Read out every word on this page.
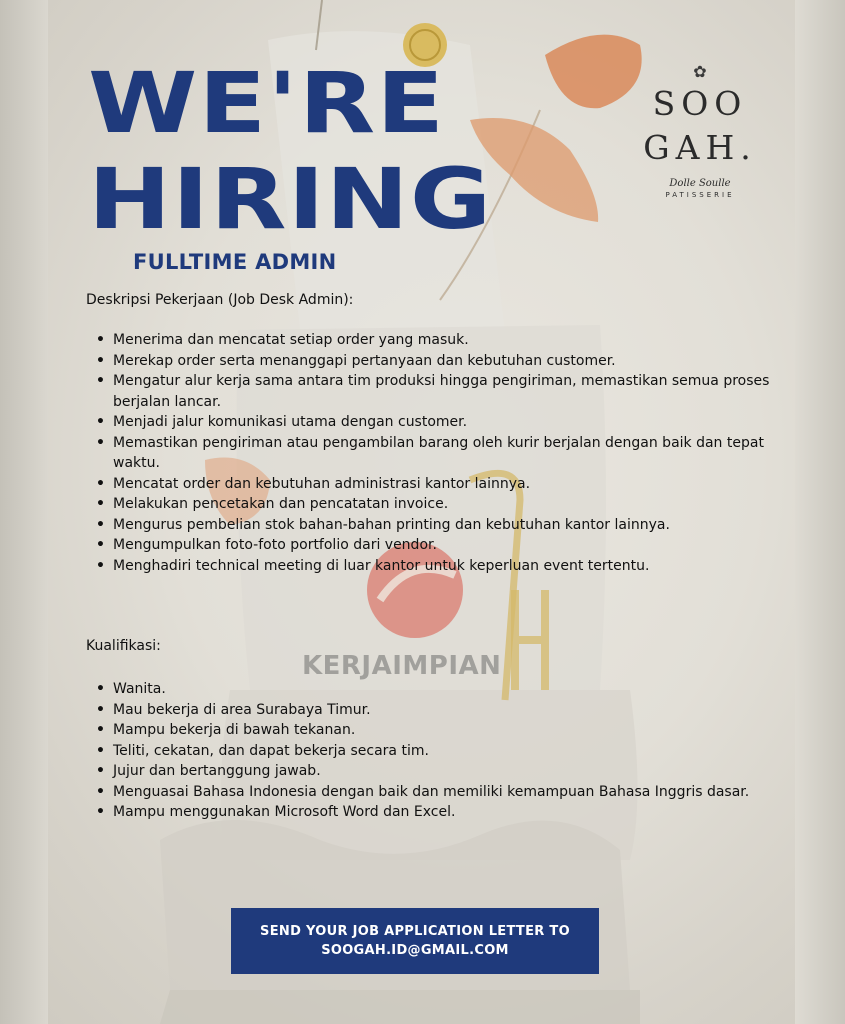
WE'RE
HIRING
FULLTIME ADMIN
✿
SOO
GAH.
Dolle Soulle
PATISSERIE

Deskripsi Pekerjaan (Job Desk Admin):

• Menerima dan mencatat setiap order yang masuk.
• Merekap order serta menanggapi pertanyaan dan kebutuhan customer.
• Mengatur alur kerja sama antara tim produksi hingga pengiriman, memastikan semua proses berjalan lancar.
• Menjadi jalur komunikasi utama dengan customer.
• Memastikan pengiriman atau pengambilan barang oleh kurir berjalan dengan baik dan tepat waktu.
• Mencatat order dan kebutuhan administrasi kantor lainnya.
• Melakukan pencetakan dan pencatatan invoice.
• Mengurus pembelian stok bahan-bahan printing dan kebutuhan kantor lainnya.
• Mengumpulkan foto-foto portfolio dari vendor.
• Menghadiri technical meeting di luar kantor untuk keperluan event tertentu.

KERJAIMPIAN

Kualifikasi:

• Wanita.
• Mau bekerja di area Surabaya Timur.
• Mampu bekerja di bawah tekanan.
• Teliti, cekatan, dan dapat bekerja secara tim.
• Jujur dan bertanggung jawab.
• Menguasai Bahasa Indonesia dengan baik dan memiliki kemampuan Bahasa Inggris dasar.
• Mampu menggunakan Microsoft Word dan Excel.
SEND YOUR JOB APPLICATION LETTER TO
SOOGAH.ID@GMAIL.COM
